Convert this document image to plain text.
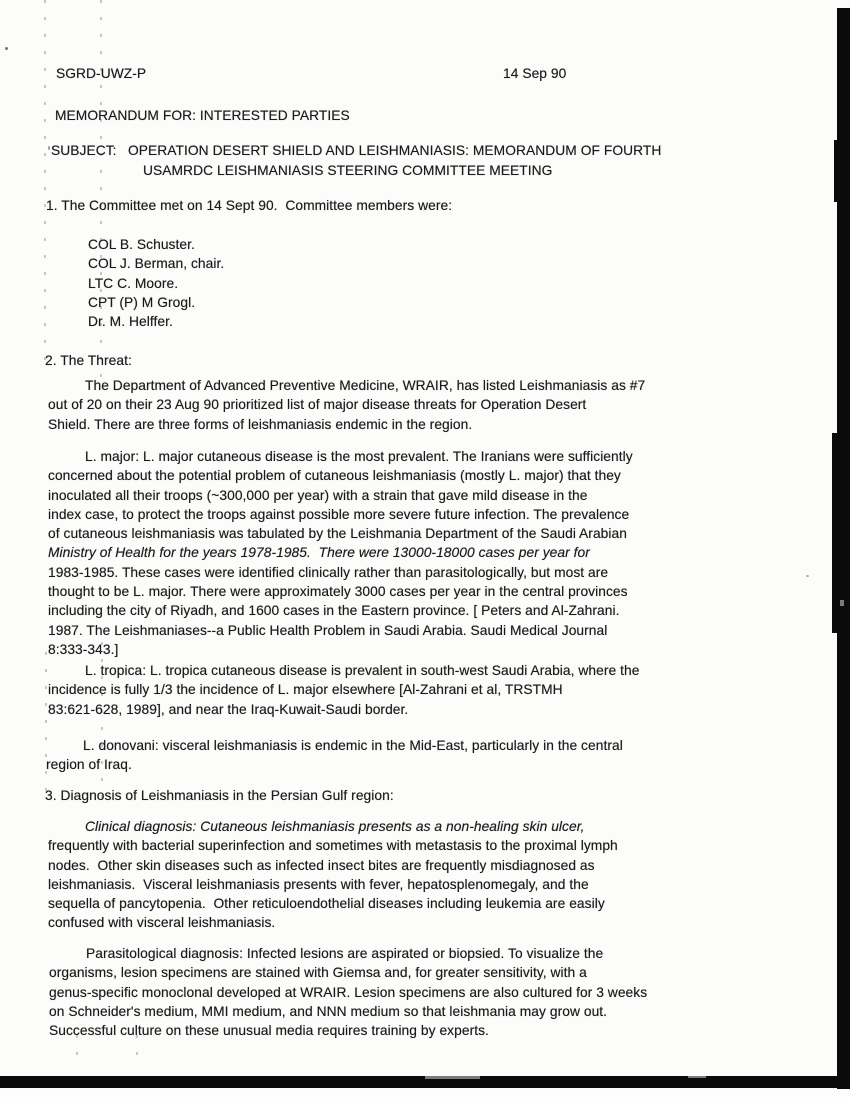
SGRD-UWZ-P	14 Sep 90
MEMORANDUM FOR: INTERESTED PARTIES
SUBJECT: OPERATION DESERT SHIELD AND LEISHMANIASIS: MEMORANDUM OF FOURTH
USAMRDC LEISHMANIASIS STEERING COMMITTEE MEETING
1. The Committee met on 14 Sept 90.  Committee members were:
COL B. Schuster.
COL J. Berman, chair.
LTC C. Moore.
CPT (P) M Grogl.
Dr. M. Helffer.
2. The Threat:
The Department of Advanced Preventive Medicine, WRAIR, has listed Leishmaniasis as #7
out of 20 on their 23 Aug 90 prioritized list of major disease threats for Operation Desert
Shield. There are three forms of leishmaniasis endemic in the region.
L. major: L. major cutaneous disease is the most prevalent. The Iranians were sufficiently
concerned about the potential problem of cutaneous leishmaniasis (mostly L. major) that they
inoculated all their troops (~300,000 per year) with a strain that gave mild disease in the
index case, to protect the troops against possible more severe future infection. The prevalence
of cutaneous leishmaniasis was tabulated by the Leishmania Department of the Saudi Arabian
Ministry of Health for the years 1978-1985.  There were 13000-18000 cases per year for
1983-1985. These cases were identified clinically rather than parasitologically, but most are
thought to be L. major. There were approximately 3000 cases per year in the central provinces
including the city of Riyadh, and 1600 cases in the Eastern province. [ Peters and Al-Zahrani.
1987. The Leishmaniases--a Public Health Problem in Saudi Arabia. Saudi Medical Journal
8:333-343.]
L. tropica: L. tropica cutaneous disease is prevalent in south-west Saudi Arabia, where the
incidence is fully 1/3 the incidence of L. major elsewhere [Al-Zahrani et al, TRSTMH
83:621-628, 1989], and near the Iraq-Kuwait-Saudi border.
L. donovani: visceral leishmaniasis is endemic in the Mid-East, particularly in the central
region of Iraq.
3. Diagnosis of Leishmaniasis in the Persian Gulf region:
Clinical diagnosis: Cutaneous leishmaniasis presents as a non-healing skin ulcer,
frequently with bacterial superinfection and sometimes with metastasis to the proximal lymph
nodes.  Other skin diseases such as infected insect bites are frequently misdiagnosed as
leishmaniasis.  Visceral leishmaniasis presents with fever, hepatosplenomegaly, and the
sequella of pancytopenia.  Other reticuloendothelial diseases including leukemia are easily
confused with visceral leishmaniasis.
Parasitological diagnosis: Infected lesions are aspirated or biopsied. To visualize the
organisms, lesion specimens are stained with Giemsa and, for greater sensitivity, with a
genus-specific monoclonal developed at WRAIR. Lesion specimens are also cultured for 3 weeks
on Schneider's medium, MMI medium, and NNN medium so that leishmania may grow out.
Successful culture on these unusual media requires training by experts.
